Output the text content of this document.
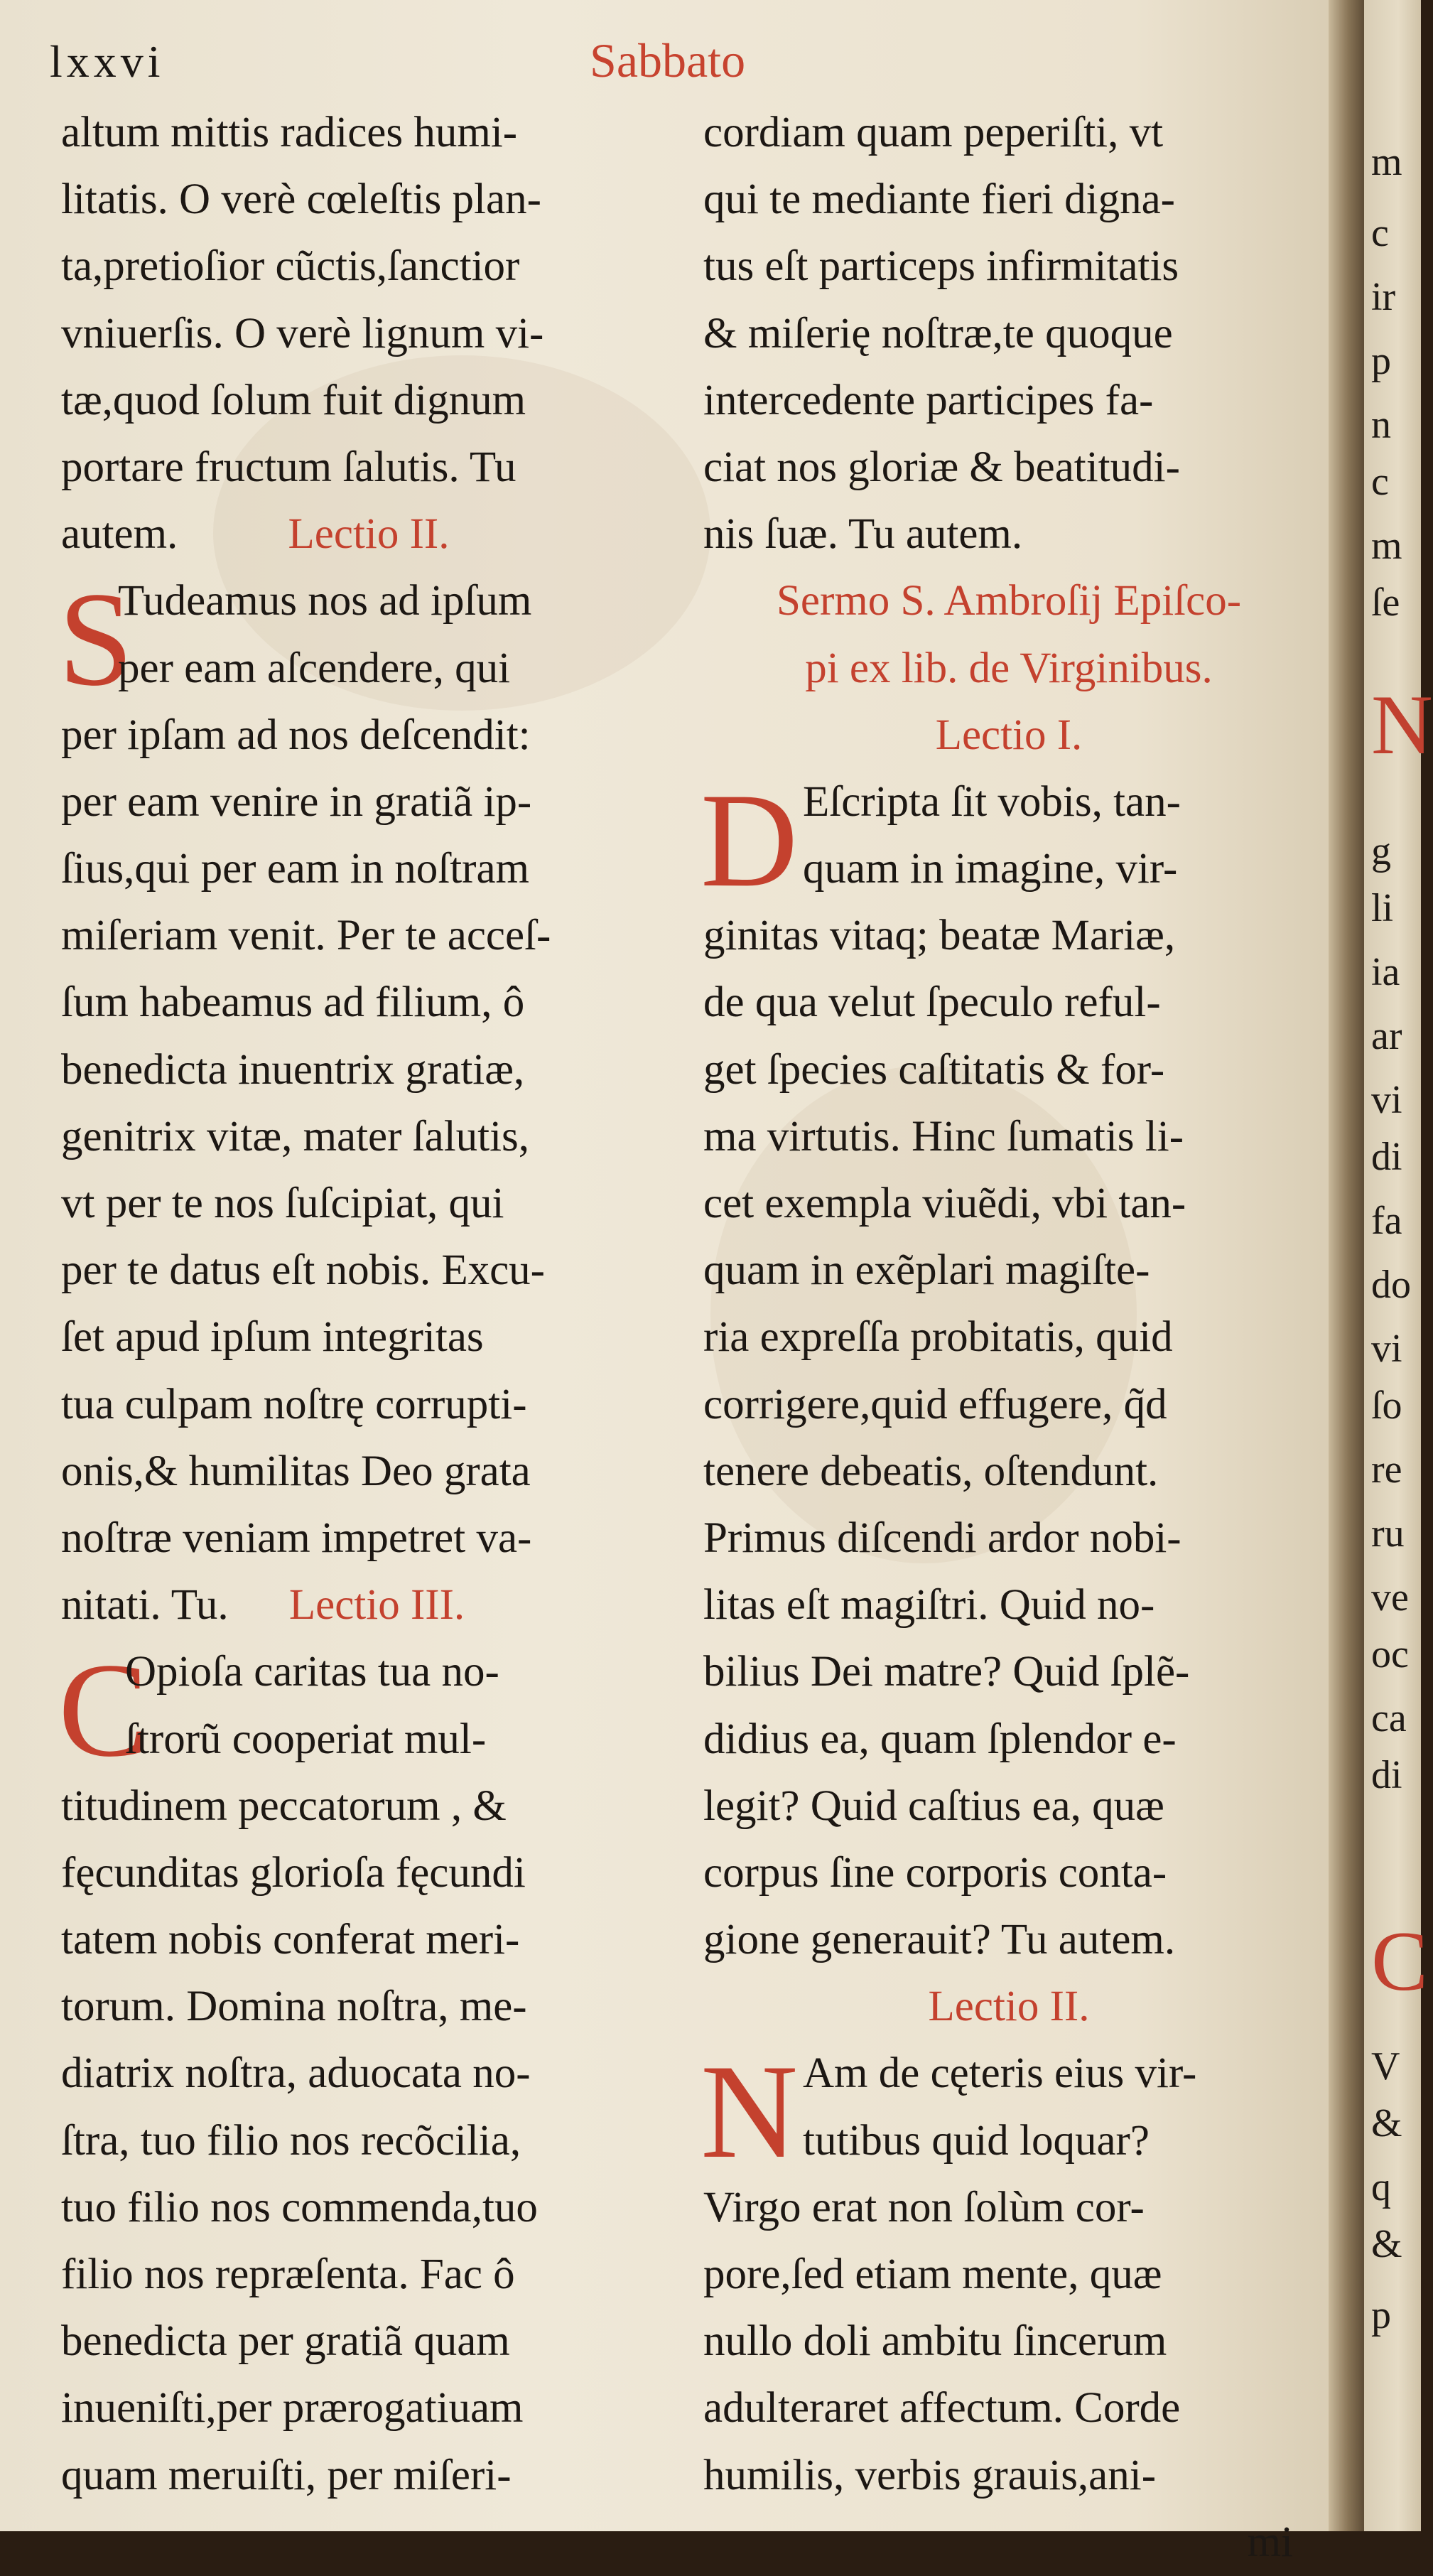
lxxvi	Sabbato
altum mittis radices humi-
litatis. O verè cœleſtis plan-
ta,pretioſior cũctis,ſanctior
vniuerſis. O verè lignum vi-
tæ,quod ſolum fuit dignum
portare fructum ſalutis. Tu
autem.	Lectio II.
S
Tudeamus nos ad ipſum
per eam aſcendere, qui
per ipſam ad nos deſcendit:
per eam venire in gratiã ip-
ſius,qui per eam in noſtram
miſeriam venit. Per te acceſ-
ſum habeamus ad filium, ô
benedicta inuentrix gratiæ,
genitrix vitæ, mater ſalutis,
vt per te nos ſuſcipiat, qui
per te datus eſt nobis. Excu-
ſet apud ipſum integritas
tua culpam noſtrę corrupti-
onis,& humilitas Deo grata
noſtræ veniam impetret va-
nitati. Tu. Lectio III.
C
Opioſa caritas tua no-
ſtrorũ cooperiat mul-
titudinem peccatorum , &
fęcunditas glorioſa fęcundi
tatem nobis conferat meri-
torum. Domina noſtra, me-
diatrix noſtra, aduocata no-
ſtra, tuo filio nos recõcilia,
tuo filio nos commenda,tuo
filio nos repræſenta. Fac ô
benedicta per gratiã quam
inueniſti,per prærogatiuam
quam meruiſti, per miſeri-
cordiam quam peperiſti, vt
qui te mediante fieri digna-
tus eſt particeps infirmitatis
& miſerię noſtræ,te quoque
intercedente participes fa-
ciat nos gloriæ & beatitudi-
nis ſuæ. Tu autem.
Sermo S. Ambroſij Epiſco-
pi ex lib. de Virginibus.
Lectio I.
D Eſcripta ſit vobis, tan-
quam in imagine, vir-
ginitas vitaq; beatæ Mariæ,
de qua velut ſpeculo reful-
get ſpecies caſtitatis & for-
ma virtutis. Hinc ſumatis li-
cet exempla viuẽdi, vbi tan-
quam in exẽplari magiſte-
ria expreſſa probitatis, quid
corrigere,quid effugere, q̃d
tenere debeatis, oſtendunt.
Primus diſcendi ardor nobi-
litas eſt magiſtri. Quid no-
bilius Dei matre? Quid ſplẽ-
didius ea, quam ſplendor e-
legit? Quid caſtius ea, quæ
corpus ſine corporis conta-
gione generauit? Tu autem.
Lectio II.
N Am de cęteris eius vir-
tutibus quid loquar?
Virgo erat non ſolùm cor-
pore,ſed etiam mente, quæ
nullo doli ambitu ſincerum
adulteraret affectum. Corde
humilis, verbis grauis,ani-
mi
m
c
ir
p
n
c
m
ſe
N
g
li
ia
ar
vi
di
fa
do
vi
ſo
re
ru
ve
oc
ca
di
C
V
&
q
&
p
